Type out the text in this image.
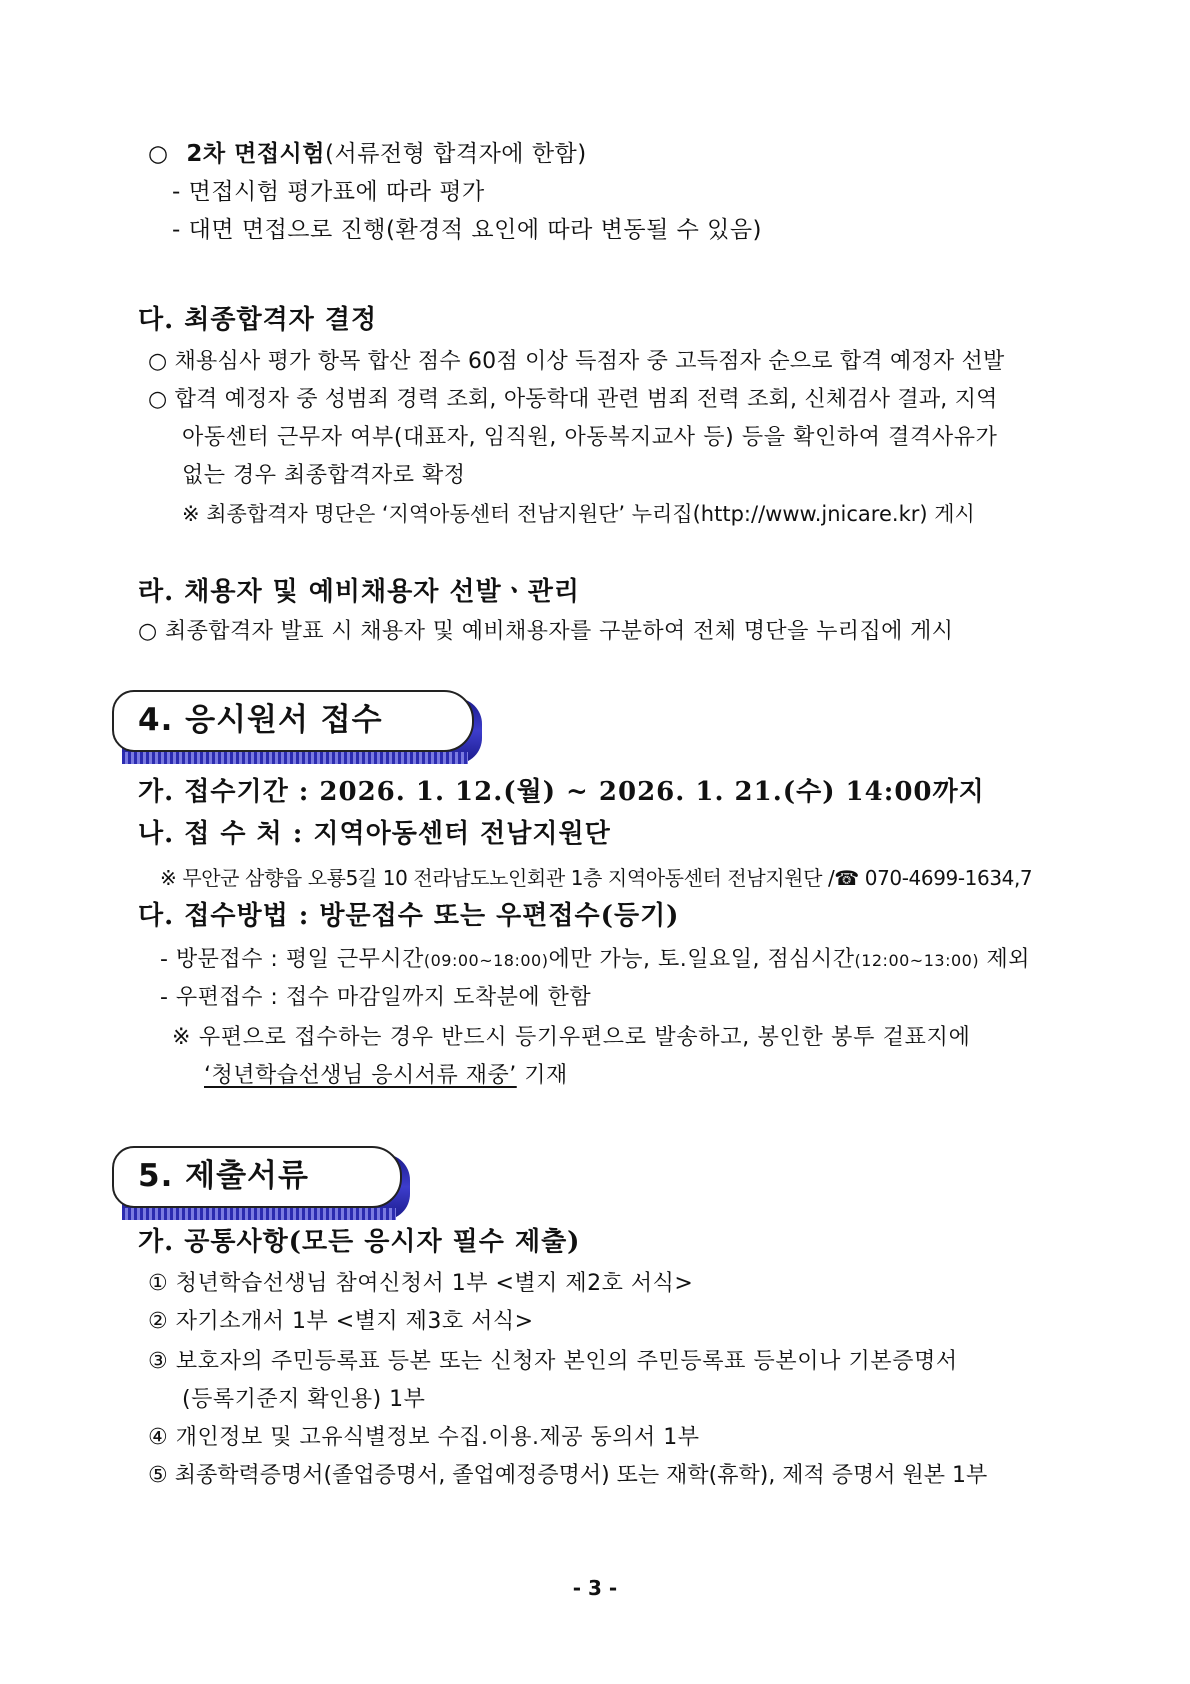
○ 2차 면접시험(서류전형 합격자에 한함)
- 면접시험 평가표에 따라 평가
- 대면 면접으로 진행(환경적 요인에 따라 변동될 수 있음)
다. 최종합격자 결정
○ 채용심사 평가 항목 합산 점수 60점 이상 득점자 중 고득점자 순으로 합격 예정자 선발
○ 합격 예정자 중 성범죄 경력 조회, 아동학대 관련 범죄 전력 조회, 신체검사 결과, 지역
아동센터 근무자 여부(대표자, 임직원, 아동복지교사 등) 등을 확인하여 결격사유가
없는 경우 최종합격자로 확정
※ 최종합격자 명단은 ‘지역아동센터 전남지원단’ 누리집(http://www.jnicare.kr) 게시
라. 채용자 및 예비채용자 선발ㆍ관리
○ 최종합격자 발표 시 채용자 및 예비채용자를 구분하여 전체 명단을 누리집에 게시
4. 응시원서 접수
가. 접수기간 : 2026. 1. 12.(월) ~ 2026. 1. 21.(수) 14:00까지
나. 접 수 처 : 지역아동센터 전남지원단
※ 무안군 삼향읍 오룡5길 10 전라남도노인회관 1층 지역아동센터 전남지원단 /☎ 070-4699-1634,7
다. 접수방법 : 방문접수 또는 우편접수(등기)
- 방문접수 : 평일 근무시간(09:00~18:00)에만 가능, 토.일요일, 점심시간(12:00~13:00) 제외
- 우편접수 : 접수 마감일까지 도착분에 한함
※ 우편으로 접수하는 경우 반드시 등기우편으로 발송하고, 봉인한 봉투 겉표지에
‘청년학습선생님 응시서류 재중’ 기재
5. 제출서류
가. 공통사항(모든 응시자 필수 제출)
① 청년학습선생님 참여신청서 1부 <별지 제2호 서식>
② 자기소개서 1부 <별지 제3호 서식>
③ 보호자의 주민등록표 등본 또는 신청자 본인의 주민등록표 등본이나 기본증명서
(등록기준지 확인용) 1부
④ 개인정보 및 고유식별정보 수집.이용.제공 동의서 1부
⑤ 최종학력증명서(졸업증명서, 졸업예정증명서) 또는 재학(휴학), 제적 증명서 원본 1부
- 3 -
